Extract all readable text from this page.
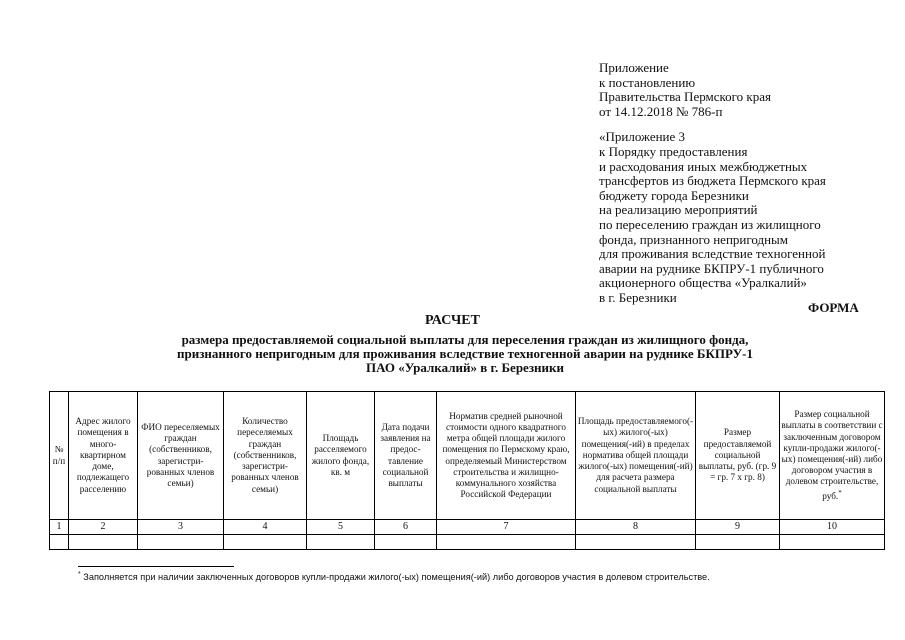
Приложение
к постановлению
Правительства Пермского края
от 14.12.2018 № 786-п
«Приложение 3
к Порядку предоставления
и расходования иных межбюджетных
трансфертов из бюджета Пермского края
бюджету города Березники
на реализацию мероприятий
по переселению граждан из жилищного
фонда, признанного непригодным
для проживания вследствие техногенной
аварии на руднике БКПРУ-1 публичного
акционерного общества «Уралкалий»
в г. Березники
ФОРМА
РАСЧЕТ
размера предоставляемой социальной выплаты для переселения граждан из жилищного фонда,
признанного непригодным для проживания вследствие техногенной аварии на руднике БКПРУ-1
ПАО «Уралкалий» в г. Березники
№ п/п	Адрес жилого помещения в много-квартирном доме, подлежащего расселению	ФИО переселяемых граждан (собственников, зарегистри-рованных членов семьи)	Количество переселяемых граждан (собственников, зарегистри-рованных членов семьи)	Площадь расселяемого жилого фонда, кв. м	Дата подачи заявления на предос-тавление социальной выплаты	Норматив средней рыночной стоимости одного квадратного метра общей площади жилого помещения по Пермскому краю, определяемый Министерством строительства и жилищно-коммунального хозяйства Российской Федерации	Площадь предоставляемого(-ых) жилого(-ых) помещения(-ий) в пределах норматива общей площади жилого(-ых) помещения(-ий) для расчета размера социальной выплаты	Размер предоставляемой социальной выплаты, руб. (гр. 9 = гр. 7 х гр. 8)	Размер социальной выплаты в соответствии с заключенным договором купли-продажи жилого(-ых) помещения(-ий) либо договором участия в долевом строительстве, руб.*
1	2	3	4	5	6	7	8	9	10

* Заполняется при наличии заключенных договоров купли-продажи жилого(-ых) помещения(-ий) либо договоров участия в долевом строительстве.
